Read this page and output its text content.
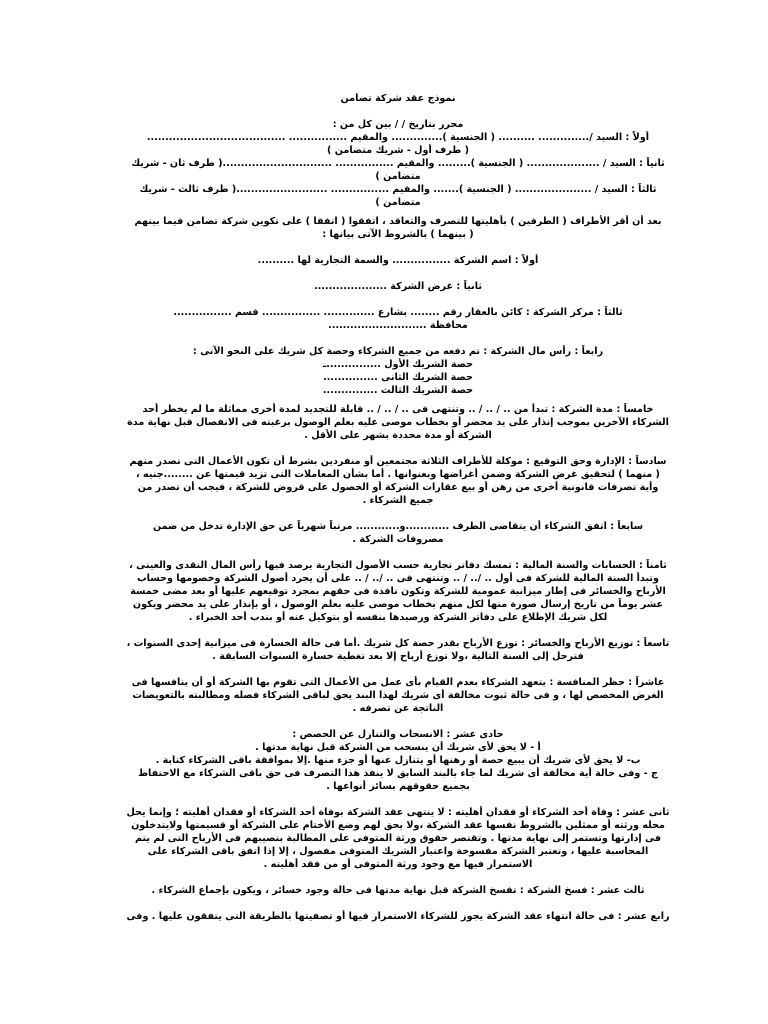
نموذج عقد شركة تضامن
محرر بتاريخ / / بين كل من :
أولاً : السيد /.............. .......... ( الجنسية ).............. والمقيم ................ ......................................
( طرف أول - شريك متضامن )
ثانياً : السيد / .................... ( الجنسية )......... والمقيم ................ ..............................( طرف ثان - شريك
متضامن )
ثالثاً : السيد / ..................... ( الجنسية )....... والمقيم ................ .........................( طرف ثالث - شريك
متضامن )
بعد أن أقر الأطراف ( الطرفين ) بأهليتها للتصرف والتعاقد ، اتفقوا ( اتفقا ) على تكوين شركة تضامن فيما بينهم
( بينهما ) بالشروط الآتى بيانها :
أولاً : اسم الشركة ................ والسمة التجارية لها ..........
ثانياً : غرض الشركة ....................
ثالثاً : مركز الشركة : كائن بالعقار رقم ........ بشارع .............. ................ قسم ................
محافظة ...........................
رابعاً : رأس مال الشركة : تم دفعه من جميع الشركاء وحصة كل شريك على النحو الآتى :
حصة الشريك الأول ...............ـ
حصة الشريك الثانى ...............
حصة الشريك الثالث ...............
خامساً : مدة الشركة : تبدأ من .. / .. / .. وتنتهى فى .. / .. / .. قابلة للتجديد لمدة أخرى مماثلة ما لم يخطر أحد
الشركاء الآخرين بموجب إنذار على يد محضر أو بخطاب موصى عليه بعلم الوصول برغبته فى الانفصال قبل نهاية مدة
الشركة أو مدة محددة بشهر على الأقل .
سادساً : الإدارة وحق التوقيع : موكلة للأطراف الثلاثة مجتمعين أو منفردين بشرط أن تكون الأعمال التى تصدر منهم
( منهما ) لتحقيق غرض الشركة وضمن أغراضها وبعنوانها . أما بشأن المعاملات التى تزيد قيمتها عن ........جنيه ،
وأية تصرفات قانونية أخرى من رهن أو بيع عقارات الشركة أو الحصول على قروض للشركة ، فيجب أن تصدر من
جميع الشركاء .
سابعاً : اتفق الشركاء أن يتقاضى الطرف ............و............ مرتباً شهرياً عن حق الإدارة تدخل من ضمن
مصروفات الشركة .
ثامناً : الحسابات والسنة المالية : تمسك دفاتر تجارية حسب الأصول التجارية يرصد فيها رأس المال النقدى والعينى ،
وتبدأ السنة المالية للشركة فى أول .. /.. / .. وتنتهى فى .. /.. / .. على أن يجرد أصول الشركة وخصومها وحساب
الأرباح والخسائر فى إطار ميزانية عمومية للشركة وتكون نافذة فى حقهم بمجرد توقيعهم عليها أو بعد مضى خمسة
عشر يوماً من تاريخ إرسال صورة منها لكل منهم بخطاب موصى عليه بعلم الوصول ، أو بإنذار على يد محضر ويكون
لكل شريك الإطلاع على دفاتر الشركة ورصيدها بنفسه أو بتوكيل عنه أو بندب أحد الخبراء .
تاسعاً : توزيع الأرباح والخسائر : توزع الأرباح بقدر حصة كل شريك .أما فى حالة الخسارة فى ميزانية إحدى السنوات ،
فترحل إلى السنة التالية ،ولا توزع أرباح إلا بعد تغطية خسارة السنوات السابقة .
عاشراً : حظر المنافسة : يتعهد الشركاء بعدم القيام بأى عمل من الأعمال التى تقوم بها الشركة أو أن ينافسها فى
الغرض المخصص لها ، و فى حالة ثبوت مخالفة أى شريك لهذا البند يحق لباقى الشركاء فصله ومطالبته بالتعويضات
الناتجة عن تصرفه .
حادى عشر : الانسحاب والتنازل عن الحصص :
أ - لا يحق لأى شريك أن ينسحب من الشركة قبل نهاية مدتها .
ب- لا يحق لأى شريك أن يبيع حصة أو رهنها أو يتنازل عنها أو جزء منها .إلا بموافقة باقى الشركاء كتابة .
ج - وفى حالة أية مخالفة أى شريك لما جاء بالبند السابق لا ينفذ هذا التصرف فى حق باقى الشركاء مع الاحتفاظ
بجميع حقوقهم بسائر أنواعها .
ثانى عشر : وفاة أحد الشركاء أو فقدان أهليته : لا ينتهى عقد الشركة بوفاة أحد الشركاء أو فقدان أهليته ؛ وإنما يحل
محله ورثته أو ممثلين بالشروط نفسها عقد الشركة ،ولا يحق لهم وضع الأختام على الشركة أو قسيمتها ولايتدخلون
فى إدارتها وتستمر إلى نهاية مدتها . وتقتصر حقوق ورثة المتوفى على المطالبة بنصيبهم فى الأرباح التى لم يتم
المحاسبة عليها ، وتعتبر الشركة مفسوخة واعتبار الشريك المتوفى مفصول ، إلا إذا اتفق باقى الشركاء على
الاستمرار فيها مع وجود ورثة المتوفى أو من فقد أهليته .
ثالث عشر : فسخ الشركة : تفسخ الشركة قبل نهاية مدتها فى حالة وجود خسائر ، ويكون بإجماع الشركاء .
رابع عشر : فى حالة انتهاء عقد الشركة يجوز للشركاء الاستمرار فيها أو تصفيتها بالطريقة التى يتفقون عليها . وفى
